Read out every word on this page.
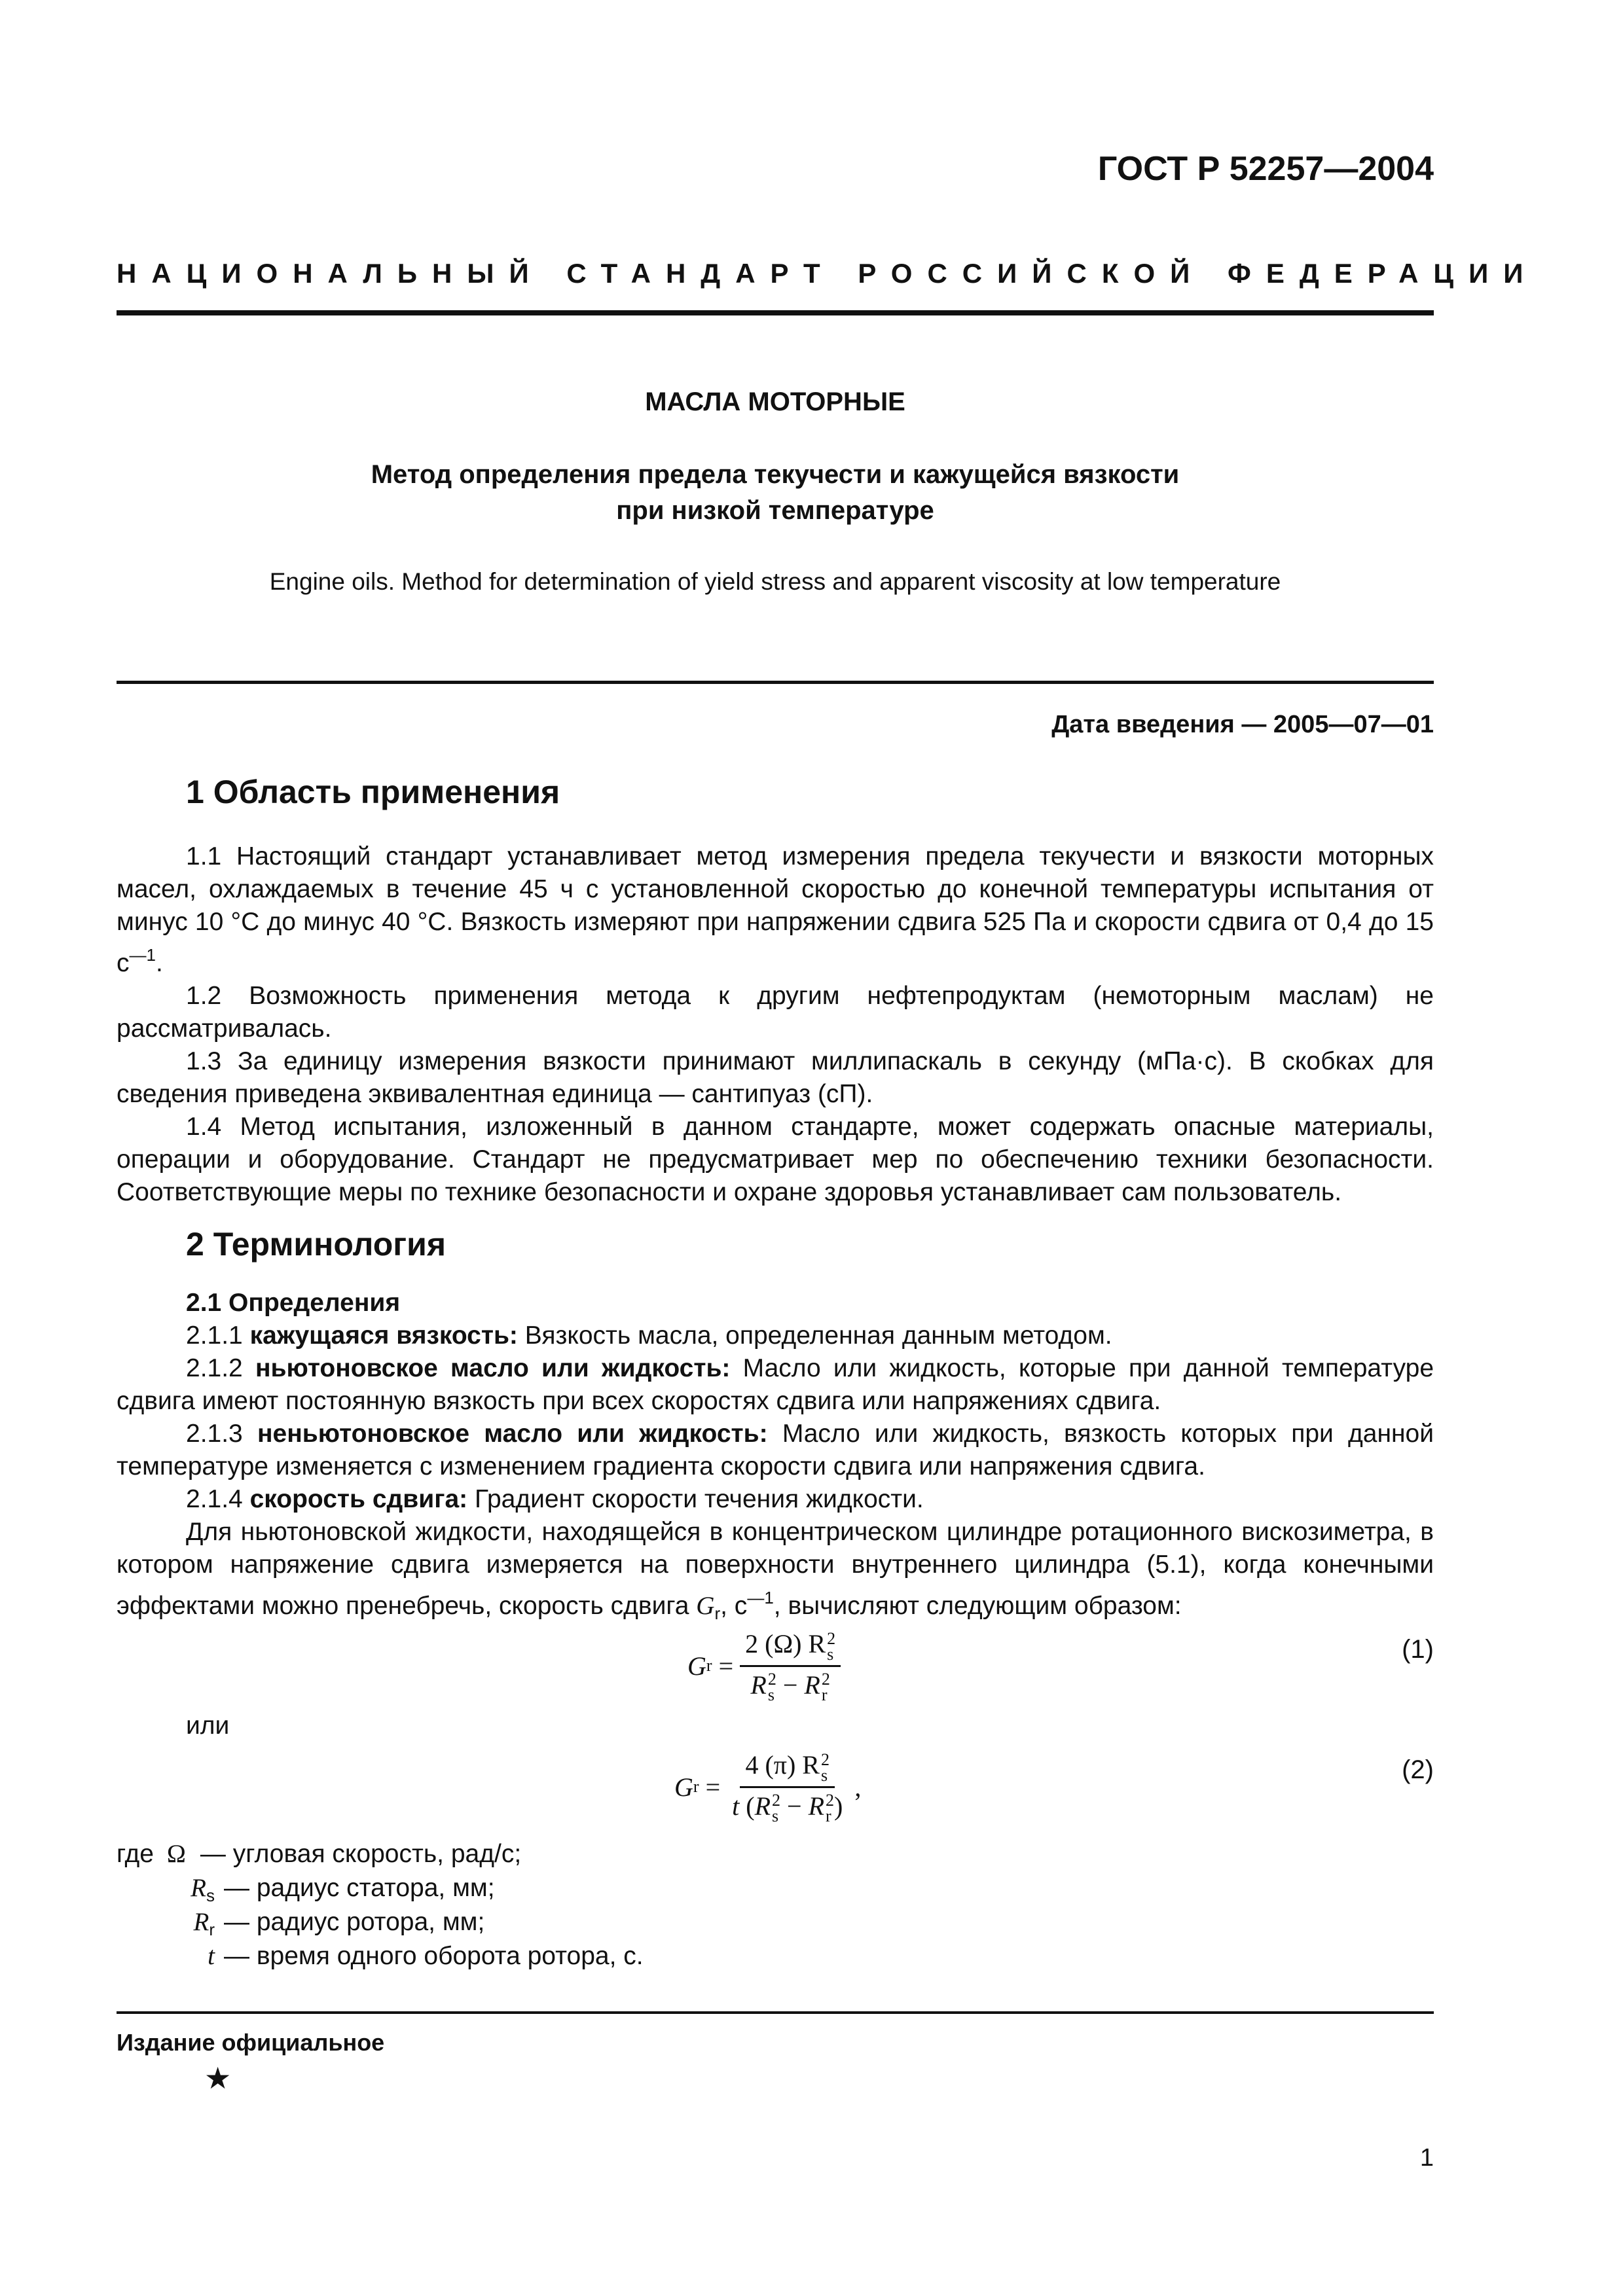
ГОСТ Р 52257—2004
НАЦИОНАЛЬНЫЙ СТАНДАРТ РОССИЙСКОЙ ФЕДЕРАЦИИ
МАСЛА МОТОРНЫЕ
Метод определения предела текучести и кажущейся вязкости
при низкой температуре
Engine oils. Method for determination of yield stress and apparent viscosity at low temperature
Дата введения — 2005—07—01
1 Область применения

1.1 Настоящий стандарт устанавливает метод измерения предела текучести и вязкости моторных масел, охлаждаемых в течение 45 ч с установленной скоростью до конечной температуры испытания от минус 10 °С до минус 40 °С. Вязкость измеряют при напряжении сдвига 525 Па и скорости сдвига от 0,4 до 15 $с^{—1}$.

1.2 Возможность применения метода к другим нефтепродуктам (немоторным маслам) не рассматривалась.

1.3 За единицу измерения вязкости принимают миллипаскаль в секунду (мПа·с). В скобках для сведения приведена эквивалентная единица — сантипуаз (сП).

1.4 Метод испытания, изложенный в данном стандарте, может содержать опасные материалы, операции и оборудование. Стандарт не предусматривает мер по обеспечению техники безопасности. Соответствующие меры по технике безопасности и охране здоровья устанавливает сам пользователь.

2 Терминология

2.1 Определения

2.1.1 кажущаяся вязкость: Вязкость масла, определенная данным методом.

2.1.2 ньютоновское масло или жидкость: Масло или жидкость, которые при данной температуре сдвига имеют постоянную вязкость при всех скоростях сдвига или напряжениях сдвига.

2.1.3 неньютоновское масло или жидкость: Масло или жидкость, вязкость которых при данной температуре изменяется с изменением градиента скорости сдвига или напряжения сдвига.

2.1.4 скорость сдвига: Градиент скорости течения жидкости.

Для ньютоновской жидкости, находящейся в концентрическом цилиндре ротационного вискозиметра, в котором напряжение сдвига измеряется на поверхности внутреннего цилиндра (5.1), когда конечными эффектами можно пренебречь, скорость сдвига $G_r$, $с^{—1}$, вычисляют следующим образом:

G r = 2 (Ω) R 2
s
R 2
s − R 2
r	(1)
или
G r = 4 (π) R 2
s
t (R 2
s − R 2
r ) ,
(2)
где Ω — угловая скорость, рад/с;
$R_s$ — радиус статора, мм;
$R_r$ — радиус ротора, мм;
t — время одного оборота ротора, с.
Издание официальное
★
1
